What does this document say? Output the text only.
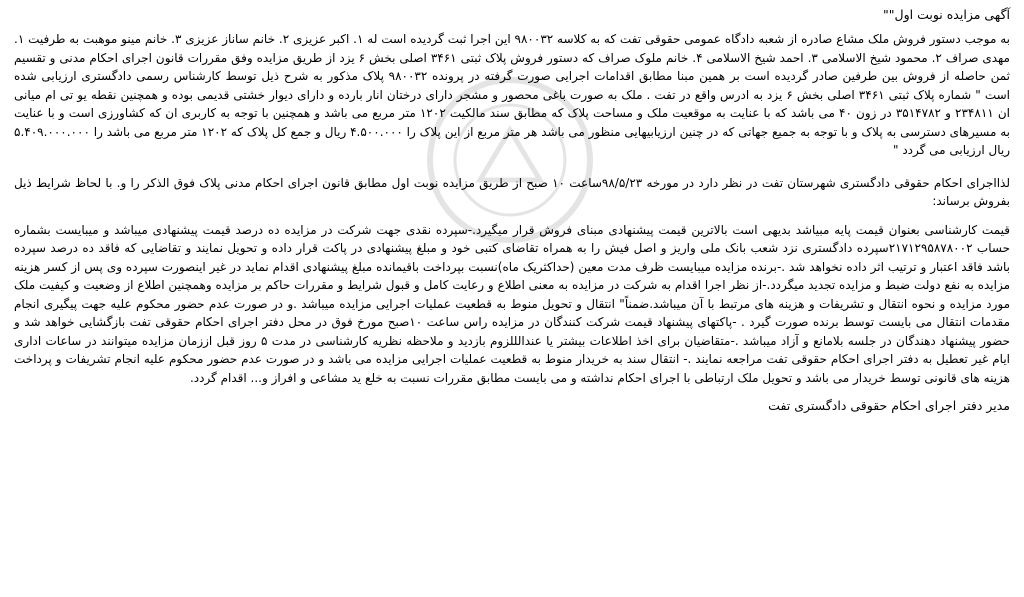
آگهی مزایده نوبت اول""

به موجب دستور فروش ملک مشاع صادره از شعبه دادگاه عمومی حقوقی تفت که به کلاسه ۹۸۰۰۳۲ این اجرا ثبت گردیده است له ۱. اکبر عزیزی ۲. خانم ساناز عزیزی ۳. خانم مینو موهبت به طرفیت ۱. مهدی صراف ۲. محمود شیخ الاسلامی ۳. احمد شیخ الاسلامی ۴. خانم ملوک صراف که دستور فروش پلاک ثبتی ۳۴۶۱ اصلی بخش ۶ یزد از طریق مزایده وفق مقررات قانون اجرای احکام مدنی و تقسیم ثمن حاصله از فروش بین طرفین صادر گردیده است بر همین مبنا مطابق اقدامات اجرایی صورت گرفته در پرونده ۹۸۰۰۳۲ پلاک مذکور به شرح ذیل توسط کارشناس رسمی دادگستری ارزیابی شده است " شماره پلاک ثبتی ۳۴۶۱ اصلی بخش ۶ یزد به ادرس واقع در تفت . ملک به صورت باغی محصور و مشجر دارای درختان انار بارده و دارای دیوار خشتی قدیمی بوده و همچنین نقطه یو تی ام میانی ان ۲۳۴۸۱۱ و ۳۵۱۴۷۸۲ در زون ۴۰ می باشد که با عنایت به موقعیت ملک و مساحت پلاک که مطابق سند مالکیت ۱۲۰۲ متر مربع می باشد و همچنین با توجه به کاربری ان که کشاورزی است و با عنایت به مسیرهای دسترسی به پلاک و با توجه به جمیع جهاتی که در چنین ارزیابیهایی منظور می باشد هر متر مربع از این پلاک را ۴.۵۰۰.۰۰۰ ریال و جمع کل پلاک که ۱۲۰۲ متر مربع می باشد را ۵.۴۰۹.۰۰۰.۰۰۰ ریال ارزیابی می گردد "

لذااجرای احکام حقوقی دادگستری شهرستان تفت در نظر دارد در مورخه ۹۸/۵/۲۳ساعت ۱۰ صبح از طریق مزایده نوبت اول مطابق قانون اجرای احکام مدنی پلاک فوق الذکر را و. با لحاظ شرایط ذیل بفروش برساند:

قیمت کارشناسی بعنوان قیمت پایه مبیاشد بدیهی است بالاترین قیمت پیشنهادی مبنای فروش قرار میگیرد.-سپرده نقدی جهت شرکت در مزایده ده درصد قیمت پیشنهادی میباشد و میبایست بشماره حساب ۲۱۷۱۲۹۵۸۷۸۰۰۲سپرده دادگستری نزد شعب بانک ملی واریز و اصل فیش را به همراه تقاضای کتبی خود و مبلغ پیشنهادی در پاکت قرار داده و تحویل نمایند و تقاضایی که فاقد ده درصد سپرده باشد فاقد اعتبار و ترتیب اثر داده نخواهد شد .-برنده مزایده میبایست ظرف مدت معین (حداکثریک ماه)نسبت بپرداخت باقیمانده مبلغ پیشنهادی اقدام نماید در غیر اینصورت سپرده وی پس از کسر هزینه مزایده به نفع دولت ضبط و مزایده تجدید میگردد.-از نظر اجرا اقدام به شرکت در مزایده به معنی اطلاع و رعایت کامل و قبول شرایط و مقررات حاکم بر مزایده وهمچنین اطلاع از وضعیت و کیفیت ملک مورد مزایده و نحوه انتقال و تشریفات و هزینه های مرتبط با آن میباشد.ضمناً" انتقال و تحویل منوط به قطعیت عملیات اجرایی مزایده میباشد .و در صورت عدم حضور محکوم علیه جهت پیگیری انجام مقدمات انتقال می بایست توسط برنده صورت گیرد . -پاکتهای پیشنهاد قیمت شرکت کنندگان در مزایده راس ساعت ۱۰صبح مورخ فوق در محل دفتر اجرای احکام حقوقی تفت بازگشایی خواهد شد و حضور پیشنهاد دهندگان در جلسه بلامانع و آزاد میباشد .-متقاضیان برای اخذ اطلاعات بیشتر یا عندالللزوم بازدید و ملاحظه نظریه کارشناسی در مدت ۵ روز قبل اززمان مزایده میتوانند در ساعات اداری ایام غیر تعطیل به دفتر اجرای احکام حقوقی تفت مراجعه نمایند .- انتقال سند به خریدار منوط به قطعیت عملیات اجرایی مزایده می باشد و در صورت عدم حضور محکوم علیه انجام تشریفات و پرداخت هزینه های قانونی توسط خریدار می باشد و تحویل ملک ارتباطی با اجرای احکام نداشته و می بایست مطابق مقررات نسبت به خلع ید مشاعی و افراز و... اقدام گردد.

مدیر دفتر اجرای احکام حقوقی دادگستری تفت
